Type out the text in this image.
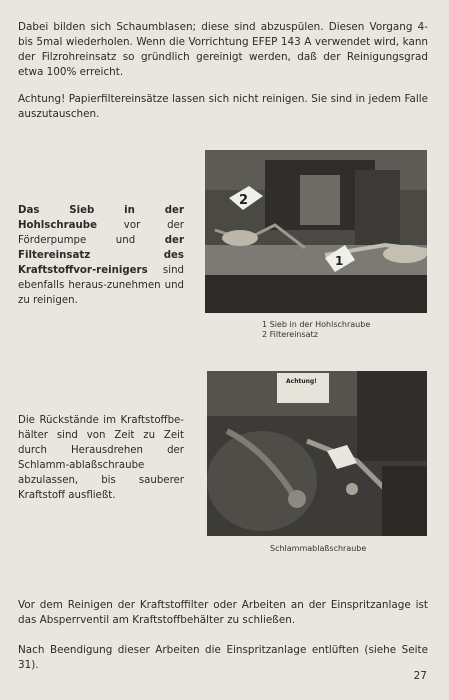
Dabei bilden sich Schaumblasen; diese sind abzuspülen. Diesen Vorgang 4- bis 5mal wiederholen. Wenn die Vorrichtung EFEP 143 A verwendet wird, kann der Filzrohreinsatz so gründlich gereinigt werden, daß der Reinigungsgrad etwa 100% erreicht.
Achtung! Papierfiltereinsätze lassen sich nicht reinigen. Sie sind in jedem Falle auszutauschen.
Das Sieb in der Hohlschraube vor der Förderpumpe und der Filtereinsatz des Kraftstoffvor-reinigers sind ebenfalls heraus-zunehmen und zu reinigen.
2
1
1 Sieb in der Hohlschraube
2 Filtereinsatz
Die Rückstände im Kraftstoffbe-hälter sind von Zeit zu Zeit durch Herausdrehen der Schlamm-ablaßschraube abzulassen, bis sauberer Kraftstoff ausfließt.
Achtung!
Schlammablaßschraube
Vor dem Reinigen der Kraftstoffilter oder Arbeiten an der Einspritzanlage ist das Absperrventil am Kraftstoffbehälter zu schließen.
Nach Beendigung dieser Arbeiten die Einspritzanlage entlüften (siehe Seite 31).
27
